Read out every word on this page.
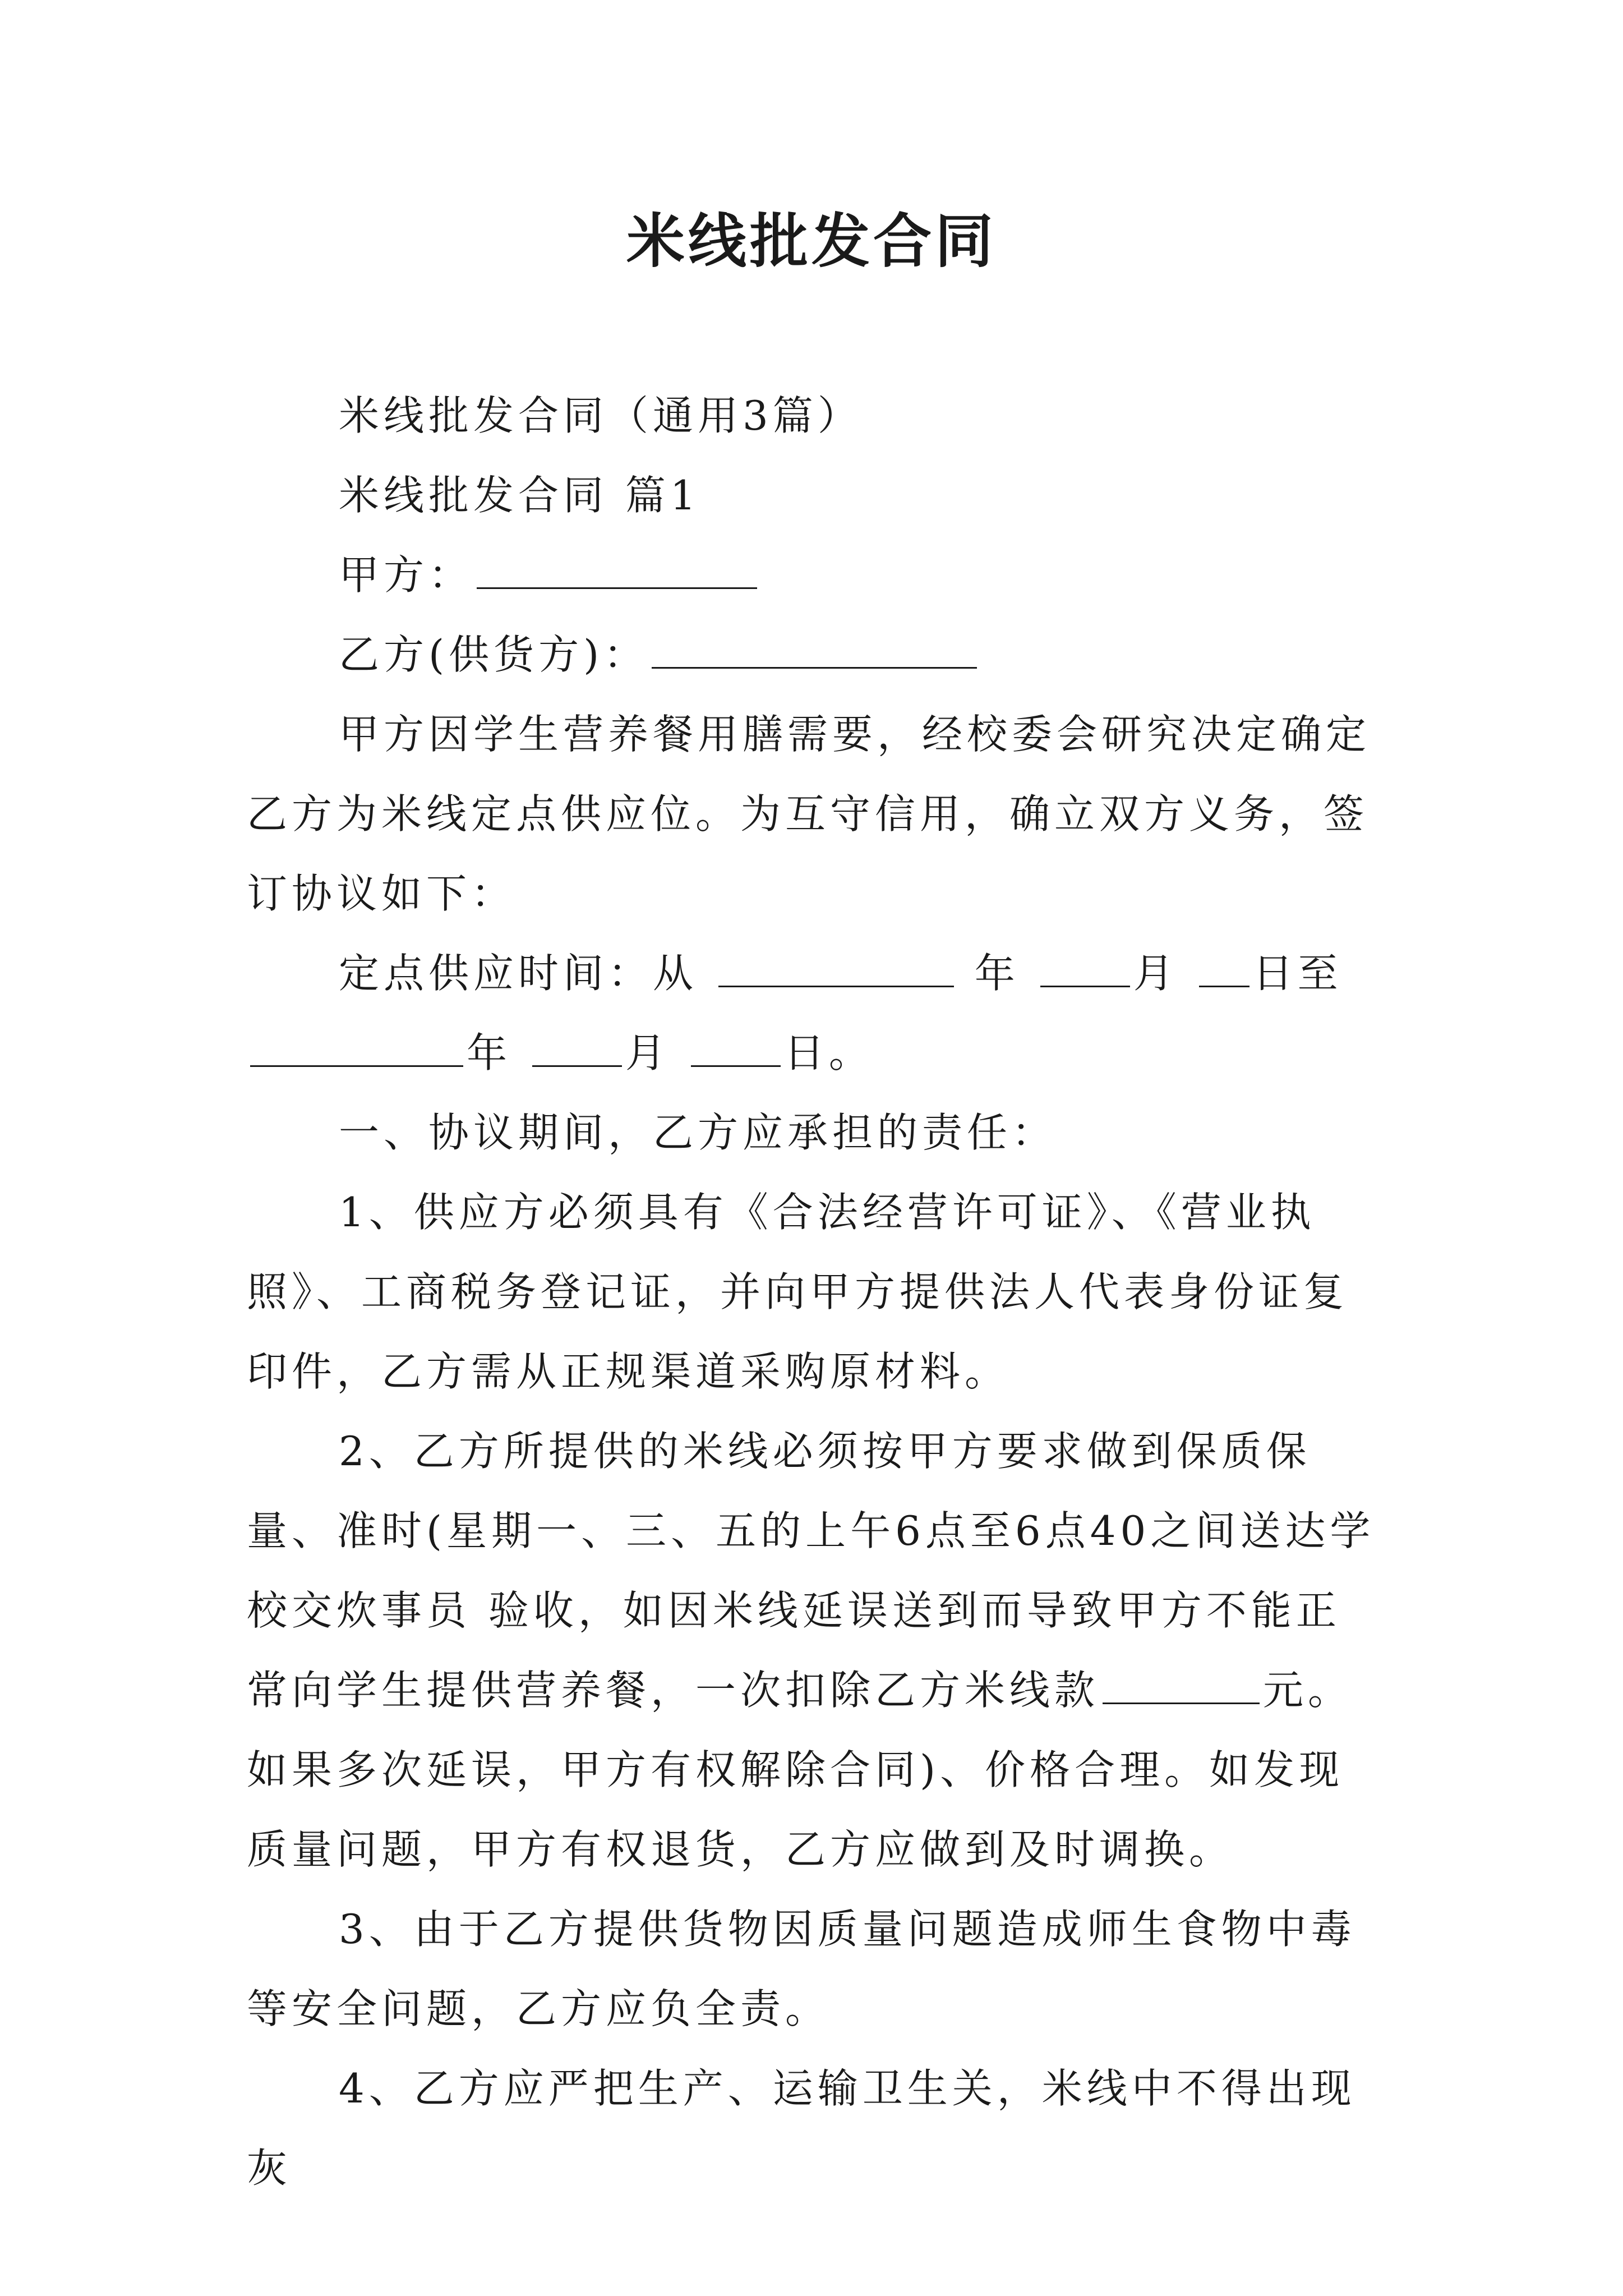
米线批发合同

米线批发合同（通用3篇）

米线批发合同 篇1

甲方：

乙方(供货方)：

甲方因学生营养餐用膳需要，经校委会研究决定确定乙方为米线定点供应位。为互守信用，确立双方义务，签订协议如下：

定点供应时间：从	年	月 日至 年	月	日。

一、协议期间，乙方应承担的责任：

1、供应方必须具有《合法经营许可证》、《营业执照》、工商税务登记证，并向甲方提供法人代表身份证复印件，乙方需从正规渠道采购原材料。

2、乙方所提供的米线必须按甲方要求做到保质保量、准时(星期一、三、五的上午6点至6点40之间送达学校交炊事员 验收，如因米线延误送到而导致甲方不能正常向学生提供营养餐，一次扣除乙方米线款	元。如果多次延误，甲方有权解除合同)、价格合理。如发现质量问题，甲方有权退货，乙方应做到及时调换。

3、由于乙方提供货物因质量问题造成师生食物中毒等安全问题，乙方应负全责。

4、乙方应严把生产、运输卫生关，米线中不得出现灰
